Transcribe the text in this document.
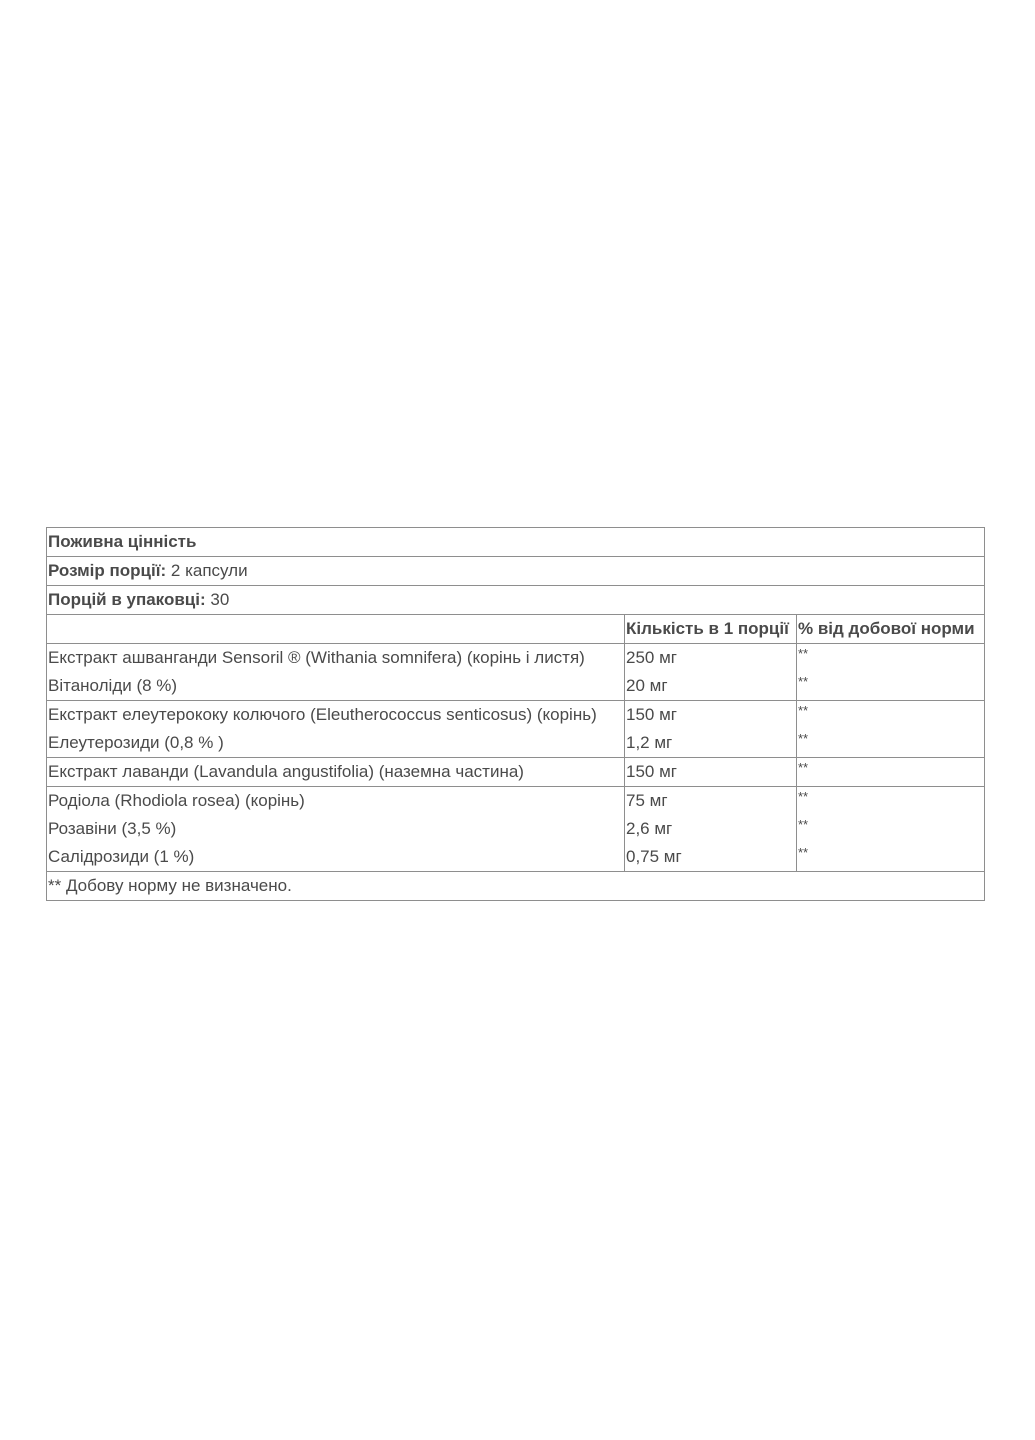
Поживна цінність		
Розмір порції: 2 капсули		
Порцій в упаковці: 30		
	Кількість в 1 порції	% від добової норми
Екстракт ашванганди Sensoril ® (Withania somnifera) (корінь і листя)	250 мг	**
Вітаноліди (8 %)	20 мг	**
Екстракт елеутерококу колючого (Eleutherococcus senticosus) (корінь)	150 мг	**
Елеутерозиди (0,8 % )	1,2 мг	**
Екстракт лаванди (Lavandula angustifolia) (наземна частина)	150 мг	**
Родіола (Rhodiola rosea) (корінь)	75 мг	**
Розавіни (3,5 %)	2,6 мг	**
Салідрозиди (1 %)	0,75 мг	**
** Добову норму не визначено.		
